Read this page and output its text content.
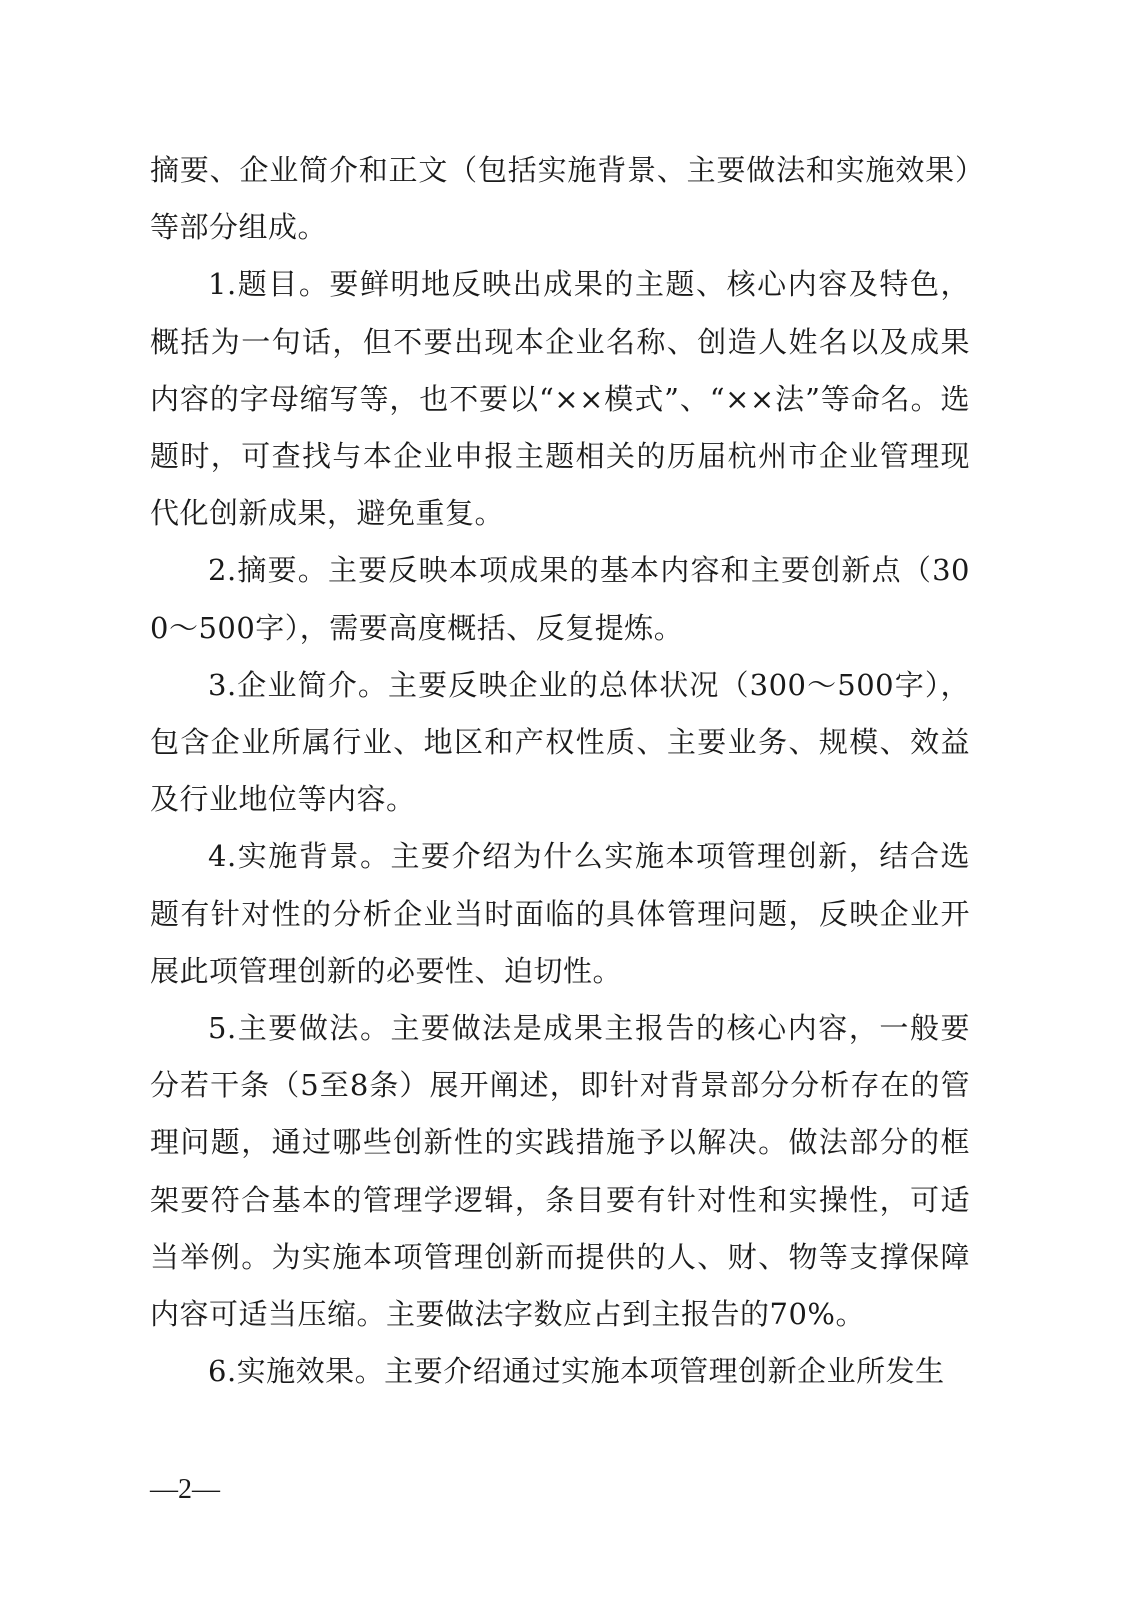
摘要、企业简介和正文（包括实施背景、主要做法和实施效果）等部分组成。

1.题目。要鲜明地反映出成果的主题、核心内容及特色，概括为一句话，但不要出现本企业名称、创造人姓名以及成果内容的字母缩写等，也不要以“××模式”、“××法”等命名。选题时，可查找与本企业申报主题相关的历届杭州市企业管理现代化创新成果，避免重复。

2.摘要。主要反映本项成果的基本内容和主要创新点（300～500字），需要高度概括、反复提炼。

3.企业简介。主要反映企业的总体状况（300～500字），包含企业所属行业、地区和产权性质、主要业务、规模、效益及行业地位等内容。

4.实施背景。主要介绍为什么实施本项管理创新，结合选题有针对性的分析企业当时面临的具体管理问题，反映企业开展此项管理创新的必要性、迫切性。

5.主要做法。主要做法是成果主报告的核心内容，一般要分若干条（5至8条）展开阐述，即针对背景部分分析存在的管理问题，通过哪些创新性的实践措施予以解决。做法部分的框架要符合基本的管理学逻辑，条目要有针对性和实操性，可适当举例。为实施本项管理创新而提供的人、财、物等支撑保障内容可适当压缩。主要做法字数应占到主报告的70%。

6.实施效果。主要介绍通过实施本项管理创新企业所发生

—2—
